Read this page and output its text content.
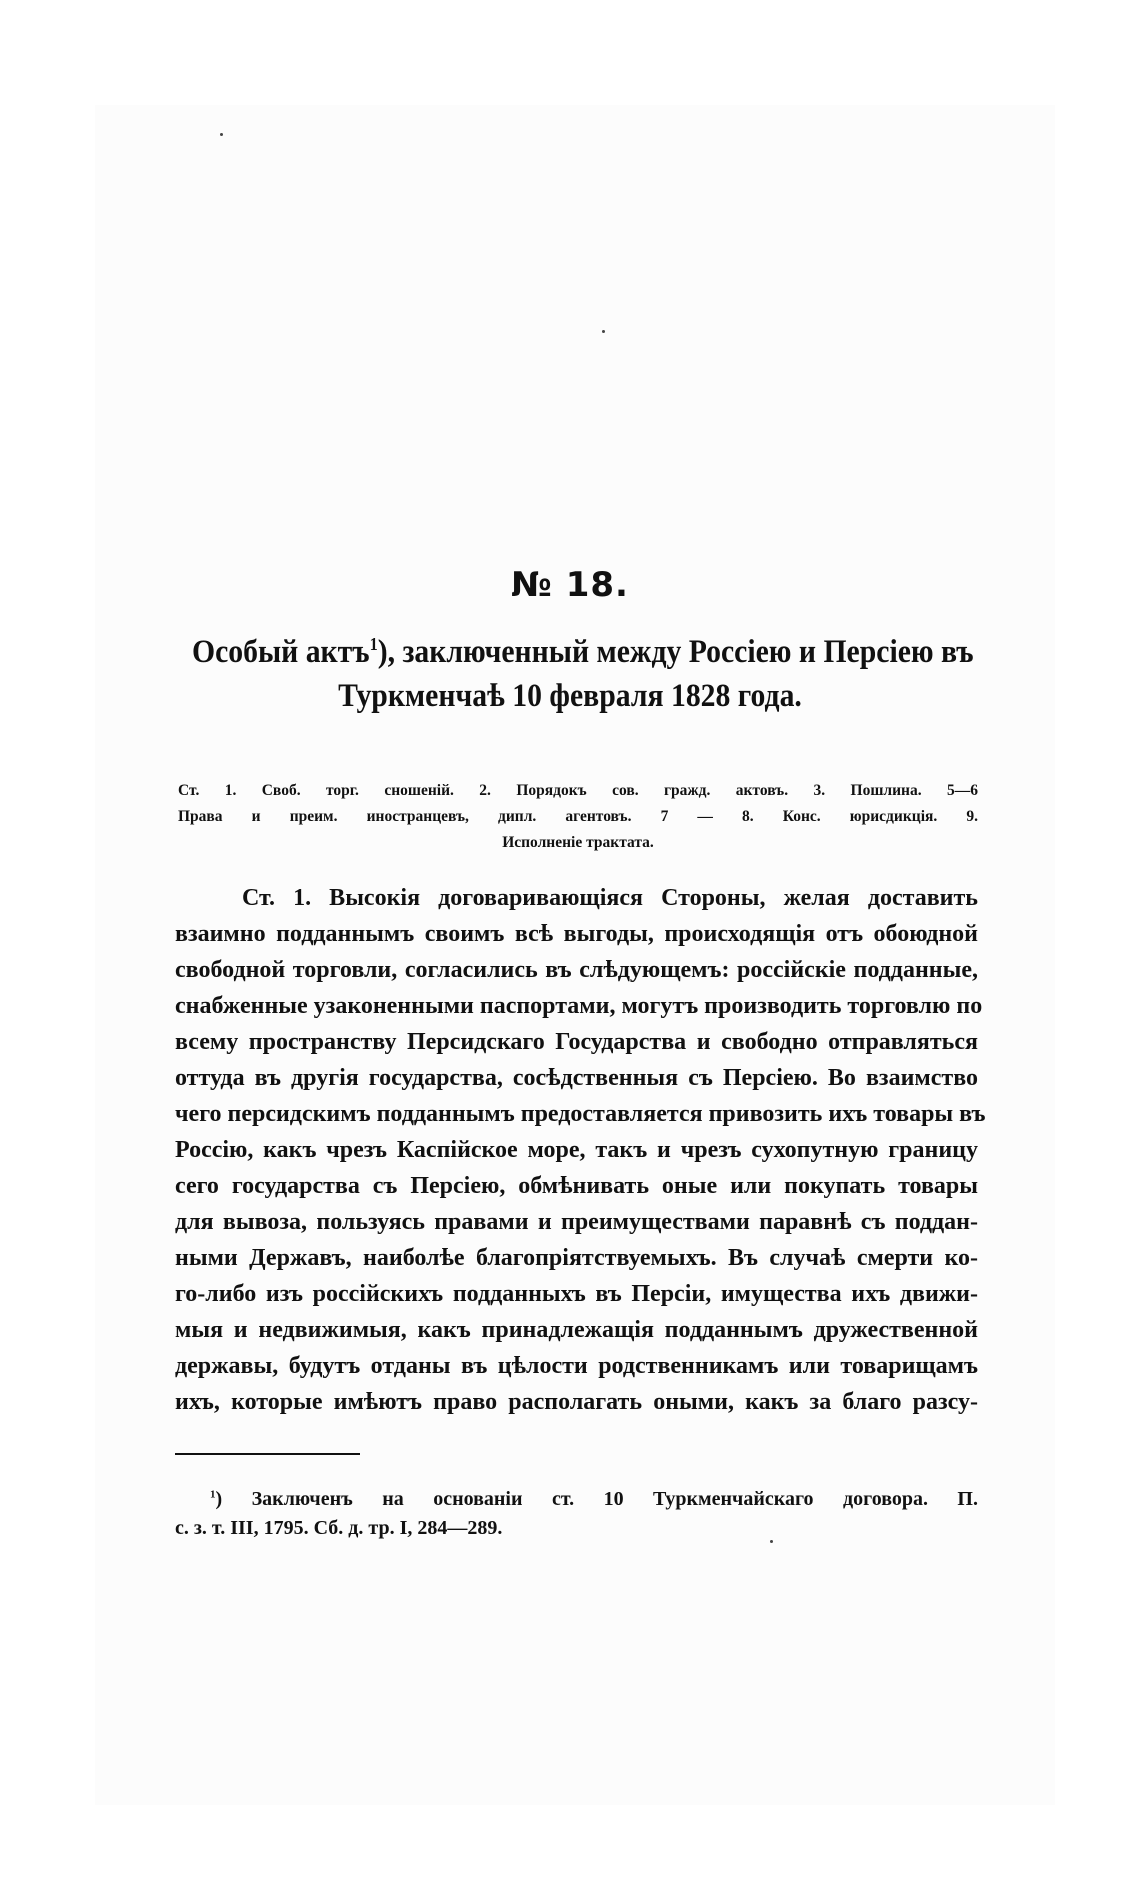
№ 18.
Особый актъ$^1$), заключенный между Россіею и Персіею въ
Туркменчаѣ 10 февраля 1828 года.
Ст. 1. Своб. торг. сношеній. 2. Порядокъ сов. гражд. актовъ. 3. Пошлина. 5—6
Права и преим. иностранцевъ, дипл. агентовъ. 7 — 8. Конс. юрисдикція. 9.
Исполненіе трактата.
Ст. 1. Высокія договаривающіяся Стороны, желая доставить
взаимно подданнымъ своимъ всѣ выгоды, происходящія отъ обоюдной
свободной торговли, согласились въ слѣдующемъ: россійскіе подданные,
снабженные узаконенными паспортами, могутъ производить торговлю по
всему пространству Персидскаго Государства и свободно отправляться
оттуда въ другія государства, сосѣдственныя съ Персіею. Во взаимство
чего персидскимъ подданнымъ предоставляется привозить ихъ товары въ
Россію, какъ чрезъ Каспійское море, такъ и чрезъ сухопутную границу
сего государства съ Персіею, обмѣнивать оные или покупать товары
для вывоза, пользуясь правами и преимуществами паравнѣ съ поддан-
ными Державъ, наиболѣе благопріятствуемыхъ. Въ случаѣ смерти ко-
го-либо изъ россійскихъ подданныхъ въ Персіи, имущества ихъ движи-
мыя и недвижимыя, какъ принадлежащія подданнымъ дружественной
державы, будутъ отданы въ цѣлости родственникамъ или товарищамъ
ихъ, которые имѣютъ право располагать оными, какъ за благо разсу-
$^1$) Заключенъ на основаніи ст. 10 Туркменчайскаго договора. П.
с. з. т. III, 1795. Сб. д. тр. I, 284—289.
